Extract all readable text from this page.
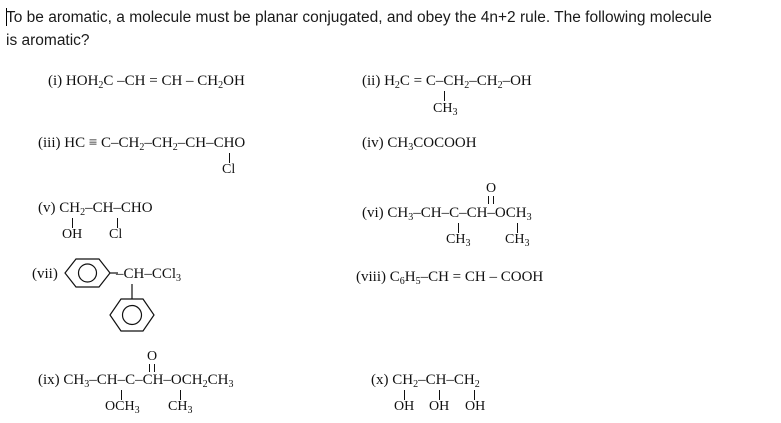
To be aromatic, a molecule must be planar conjugated, and obey the 4n+2 rule. The following molecule
is aromatic?
(i) $HOH_2C$ –CH = CH – $CH_2OH$	(ii) $H_2C = C-CH_2-CH_2-OH$
$CH_3$
(iii) HC ≡ $C-CH_2-CH_2-CH$–CHO
Cl
(iv) $CH_3COCOOH$
(v) $CH_2-CH$–CHO
OH Cl
O
(vi) $CH_3-CH-C-CH-OCH_3$
$CH_3$ $CH_3$
(vii)	–CH–CCl$_3$	(viii) $C_6H_5-CH$ = CH – COOH
O
(ix) $CH_3-CH-C-CH-OCH_2CH_3$
$OCH_3$ $CH_3$
(x) $CH_2-CH-CH_2$
OH OH OH
